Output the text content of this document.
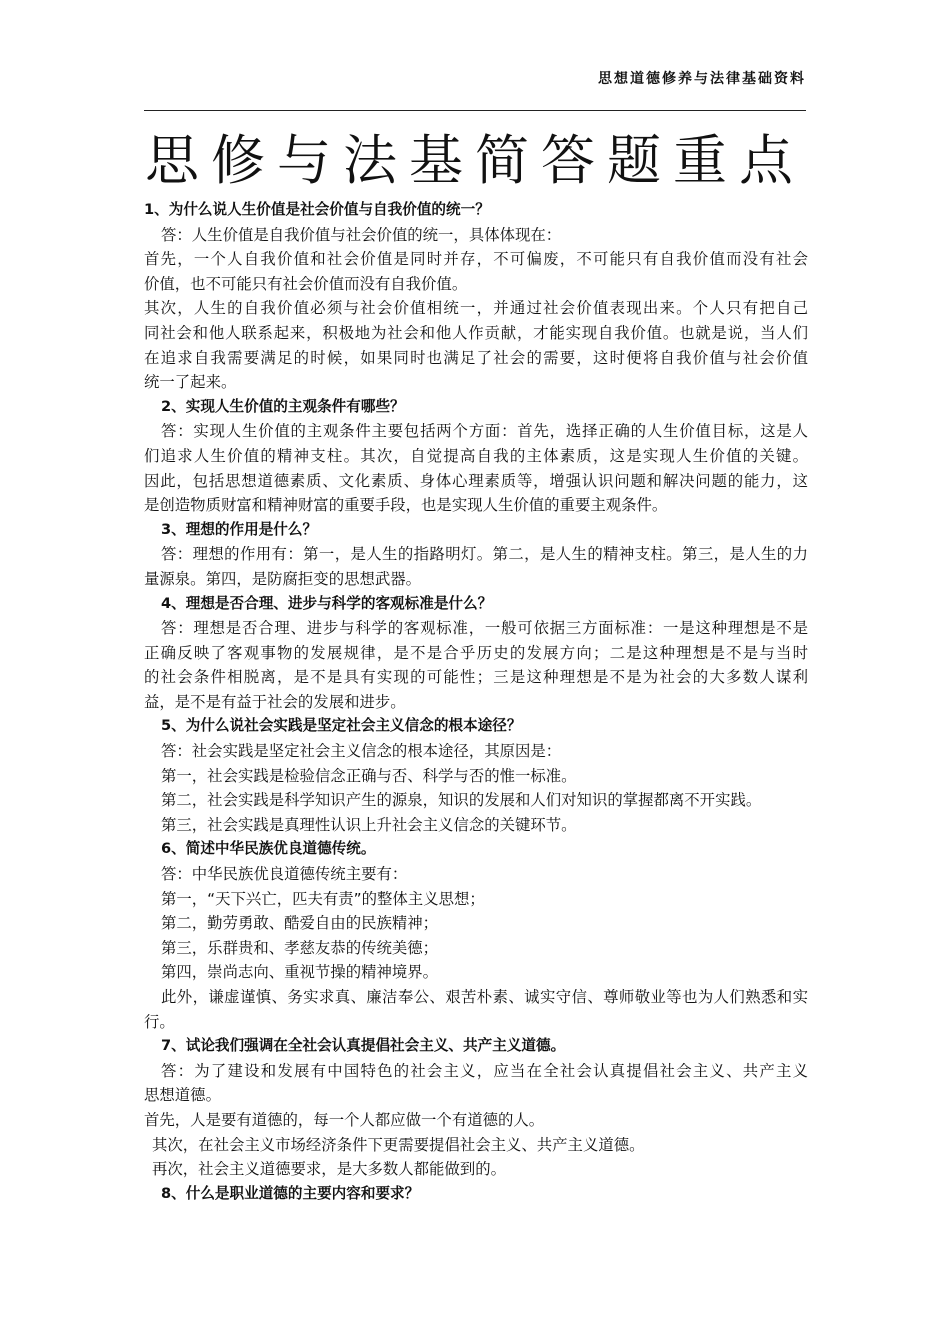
思想道德修养与法律基础资料
思修与法基简答题重点
1、为什么说人生价值是社会价值与自我价值的统一？
答：人生价值是自我价值与社会价值的统一，具体体现在：
首先，一个人自我价值和社会价值是同时并存，不可偏废，不可能只有自我价值而没有社会
价值，也不可能只有社会价值而没有自我价值。
其次，人生的自我价值必须与社会价值相统一，并通过社会价值表现出来。个人只有把自己
同社会和他人联系起来，积极地为社会和他人作贡献，才能实现自我价值。也就是说，当人们
在追求自我需要满足的时候，如果同时也满足了社会的需要，这时便将自我价值与社会价值
统一了起来。
2、实现人生价值的主观条件有哪些？
答：实现人生价值的主观条件主要包括两个方面：首先，选择正确的人生价值目标，这是人
们追求人生价值的精神支柱。其次，自觉提高自我的主体素质，这是实现人生价值的关键。
因此，包括思想道德素质、文化素质、身体心理素质等，增强认识问题和解决问题的能力，这
是创造物质财富和精神财富的重要手段，也是实现人生价值的重要主观条件。
3、理想的作用是什么？
答：理想的作用有：第一，是人生的指路明灯。第二，是人生的精神支柱。第三，是人生的力
量源泉。第四，是防腐拒变的思想武器。
4、理想是否合理、进步与科学的客观标准是什么？
答：理想是否合理、进步与科学的客观标准，一般可依据三方面标准：一是这种理想是不是
正确反映了客观事物的发展规律，是不是合乎历史的发展方向；二是这种理想是不是与当时
的社会条件相脱离，是不是具有实现的可能性；三是这种理想是不是为社会的大多数人谋利
益，是不是有益于社会的发展和进步。
5、为什么说社会实践是坚定社会主义信念的根本途径？
答：社会实践是坚定社会主义信念的根本途径，其原因是：
第一，社会实践是检验信念正确与否、科学与否的惟一标准。
第二，社会实践是科学知识产生的源泉，知识的发展和人们对知识的掌握都离不开实践。
第三，社会实践是真理性认识上升社会主义信念的关键环节。
6、简述中华民族优良道德传统。
答：中华民族优良道德传统主要有：
第一，“天下兴亡，匹夫有责”的整体主义思想；
第二，勤劳勇敢、酷爱自由的民族精神；
第三，乐群贵和、孝慈友恭的传统美德；
第四，崇尚志向、重视节操的精神境界。
此外，谦虚谨慎、务实求真、廉洁奉公、艰苦朴素、诚实守信、尊师敬业等也为人们熟悉和实
行。
7、试论我们强调在全社会认真提倡社会主义、共产主义道德。
答：为了建设和发展有中国特色的社会主义，应当在全社会认真提倡社会主义、共产主义
思想道德。
首先，人是要有道德的，每一个人都应做一个有道德的人。
其次，在社会主义市场经济条件下更需要提倡社会主义、共产主义道德。
再次，社会主义道德要求，是大多数人都能做到的。
8、什么是职业道德的主要内容和要求？
